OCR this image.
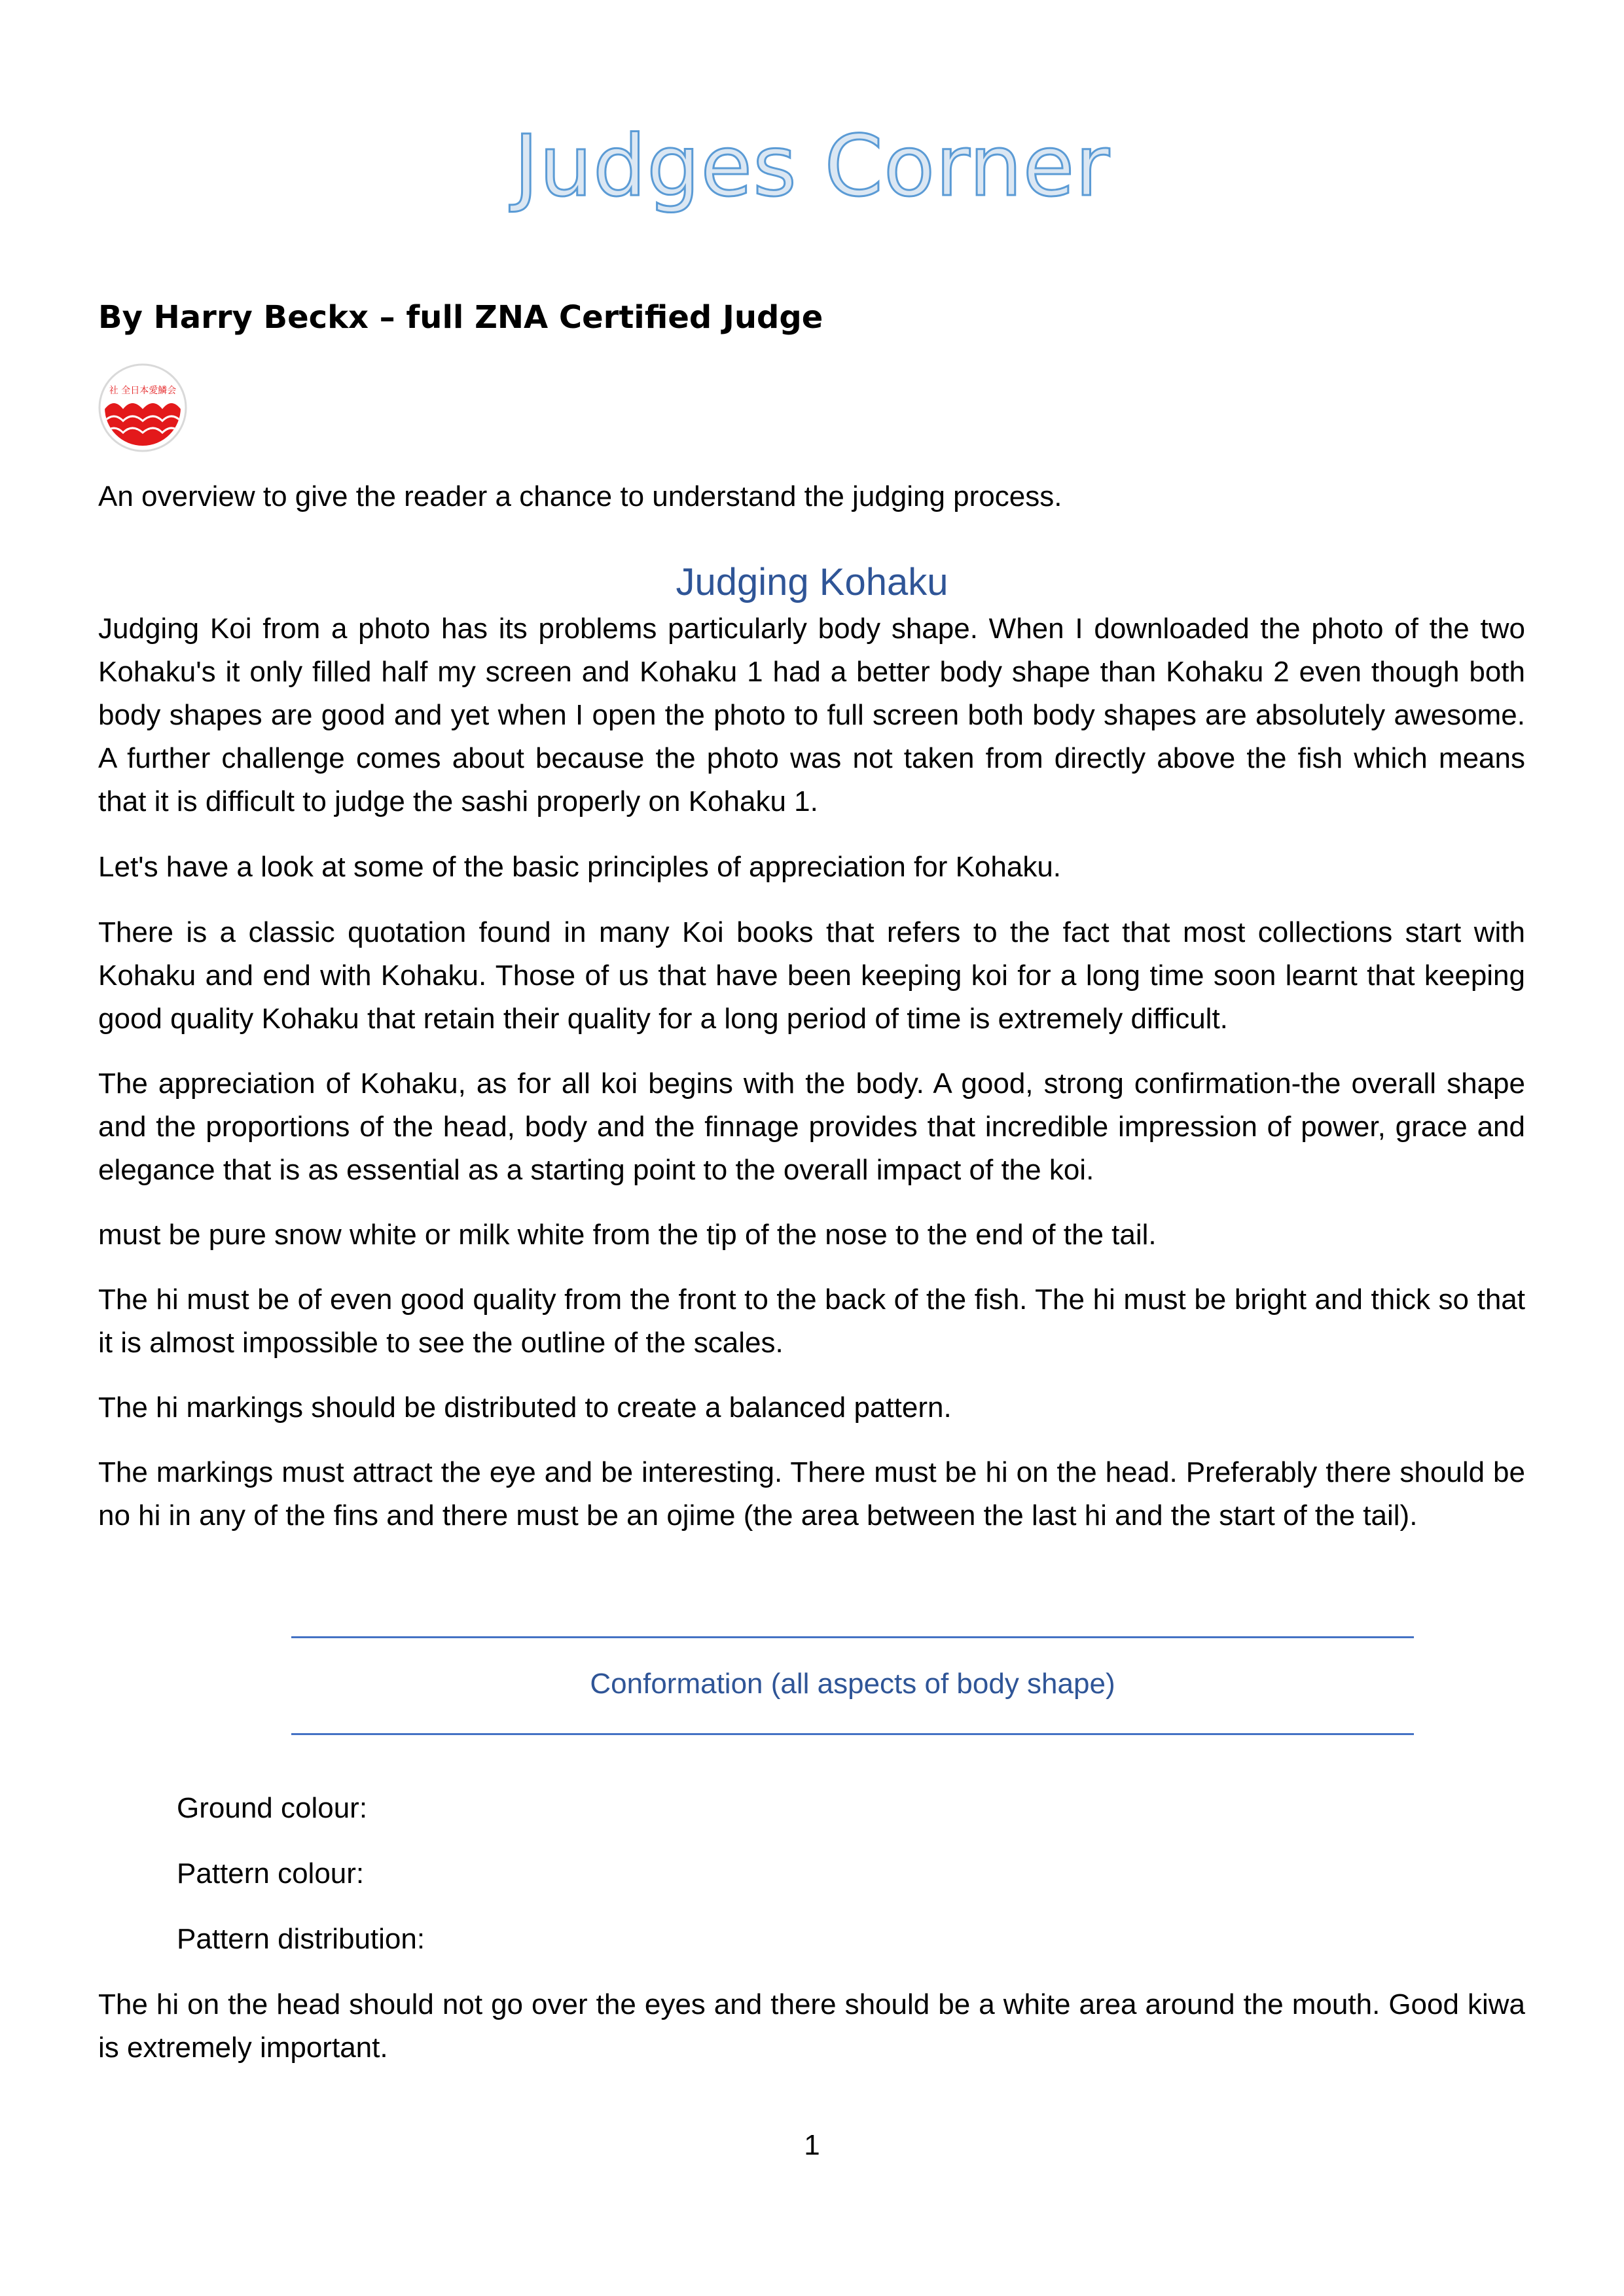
Judges Corner

By Harry Beckx – full ZNA Certified Judge

社 全日本愛鱗会

An overview to give the reader a chance to understand the judging process.

Judging Kohaku

Judging Koi from a photo has its problems particularly body shape. When I downloaded the photo of the two Kohaku's it only filled half my screen and Kohaku 1 had a better body shape than Kohaku 2 even though both body shapes are good and yet when I open the photo to full screen both body shapes are absolutely awesome. A further challenge comes about because the photo was not taken from directly above the fish which means that it is difficult to judge the sashi properly on Kohaku 1.

Let's have a look at some of the basic principles of appreciation for Kohaku.

There is a classic quotation found in many Koi books that refers to the fact that most collections start with Kohaku and end with Kohaku. Those of us that have been keeping koi for a long time soon learnt that keeping good quality Kohaku that retain their quality for a long period of time is extremely difficult.

The appreciation of Kohaku, as for all koi begins with the body. A good, strong confirmation-the overall shape and the proportions of the head, body and the finnage provides that incredible impression of power, grace and elegance that is as essential as a starting point to the overall impact of the koi.

must be pure snow white or milk white from the tip of the nose to the end of the tail.

The hi must be of even good quality from the front to the back of the fish. The hi must be bright and thick so that it is almost impossible to see the outline of the scales.

The hi markings should be distributed to create a balanced pattern.

The markings must attract the eye and be interesting. There must be hi on the head. Preferably there should be no hi in any of the fins and there must be an ojime (the area between the last hi and the start of the tail).

Conformation (all aspects of body shape)

Ground colour:

Pattern colour:

Pattern distribution:

The hi on the head should not go over the eyes and there should be a white area around the mouth. Good kiwa is extremely important.

1
